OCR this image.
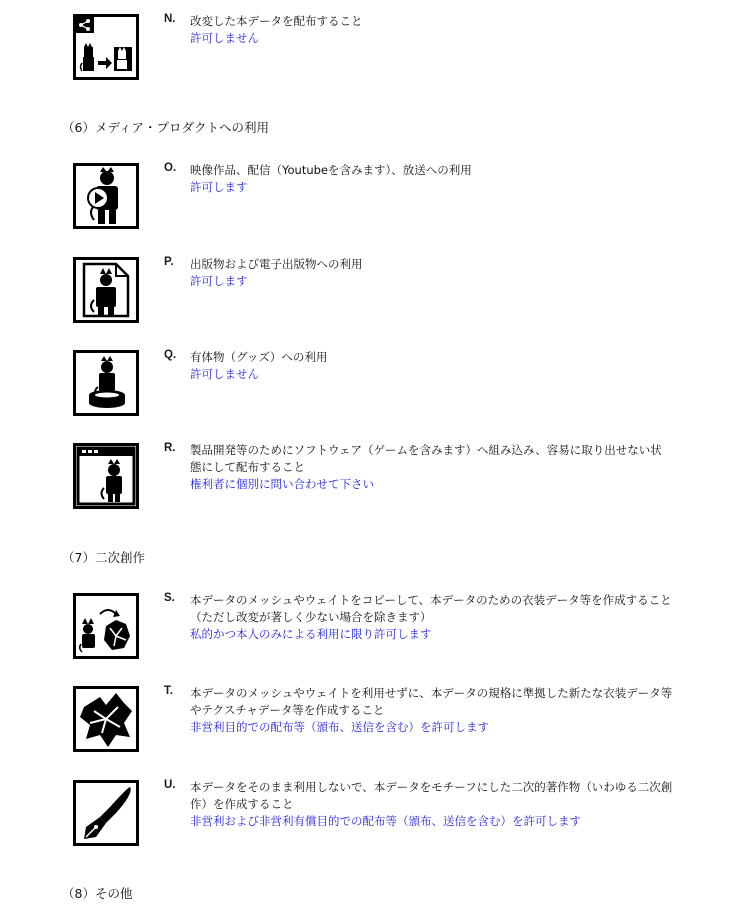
N. 改変した本データを配布すること
許可しません
（6）メディア・プロダクトへの利用
O. 映像作品、配信（Youtubeを含みます）、放送への利用
許可します
P. 出版物および電子出版物への利用
許可します
Q. 有体物（グッズ）への利用
許可しません
R. 製品開発等のためにソフトウェア（ゲームを含みます）へ組み込み、容易に取り出せない状
態にして配布すること
権利者に個別に問い合わせて下さい
（7）二次創作
S. 本データのメッシュやウェイトをコピーして、本データのための衣装データ等を作成すること
（ただし改変が著しく少ない場合を除きます）
私的かつ本人のみによる利用に限り許可します
T. 本データのメッシュやウェイトを利用せずに、本データの規格に準拠した新たな衣装データ等
やテクスチャデータ等を作成すること
非営利目的での配布等（頒布、送信を含む）を許可します
U. 本データをそのまま利用しないで、本データをモチーフにした二次的著作物（いわゆる二次創
作）を作成すること
非営利および非営利有償目的での配布等（頒布、送信を含む）を許可します
（8）その他
